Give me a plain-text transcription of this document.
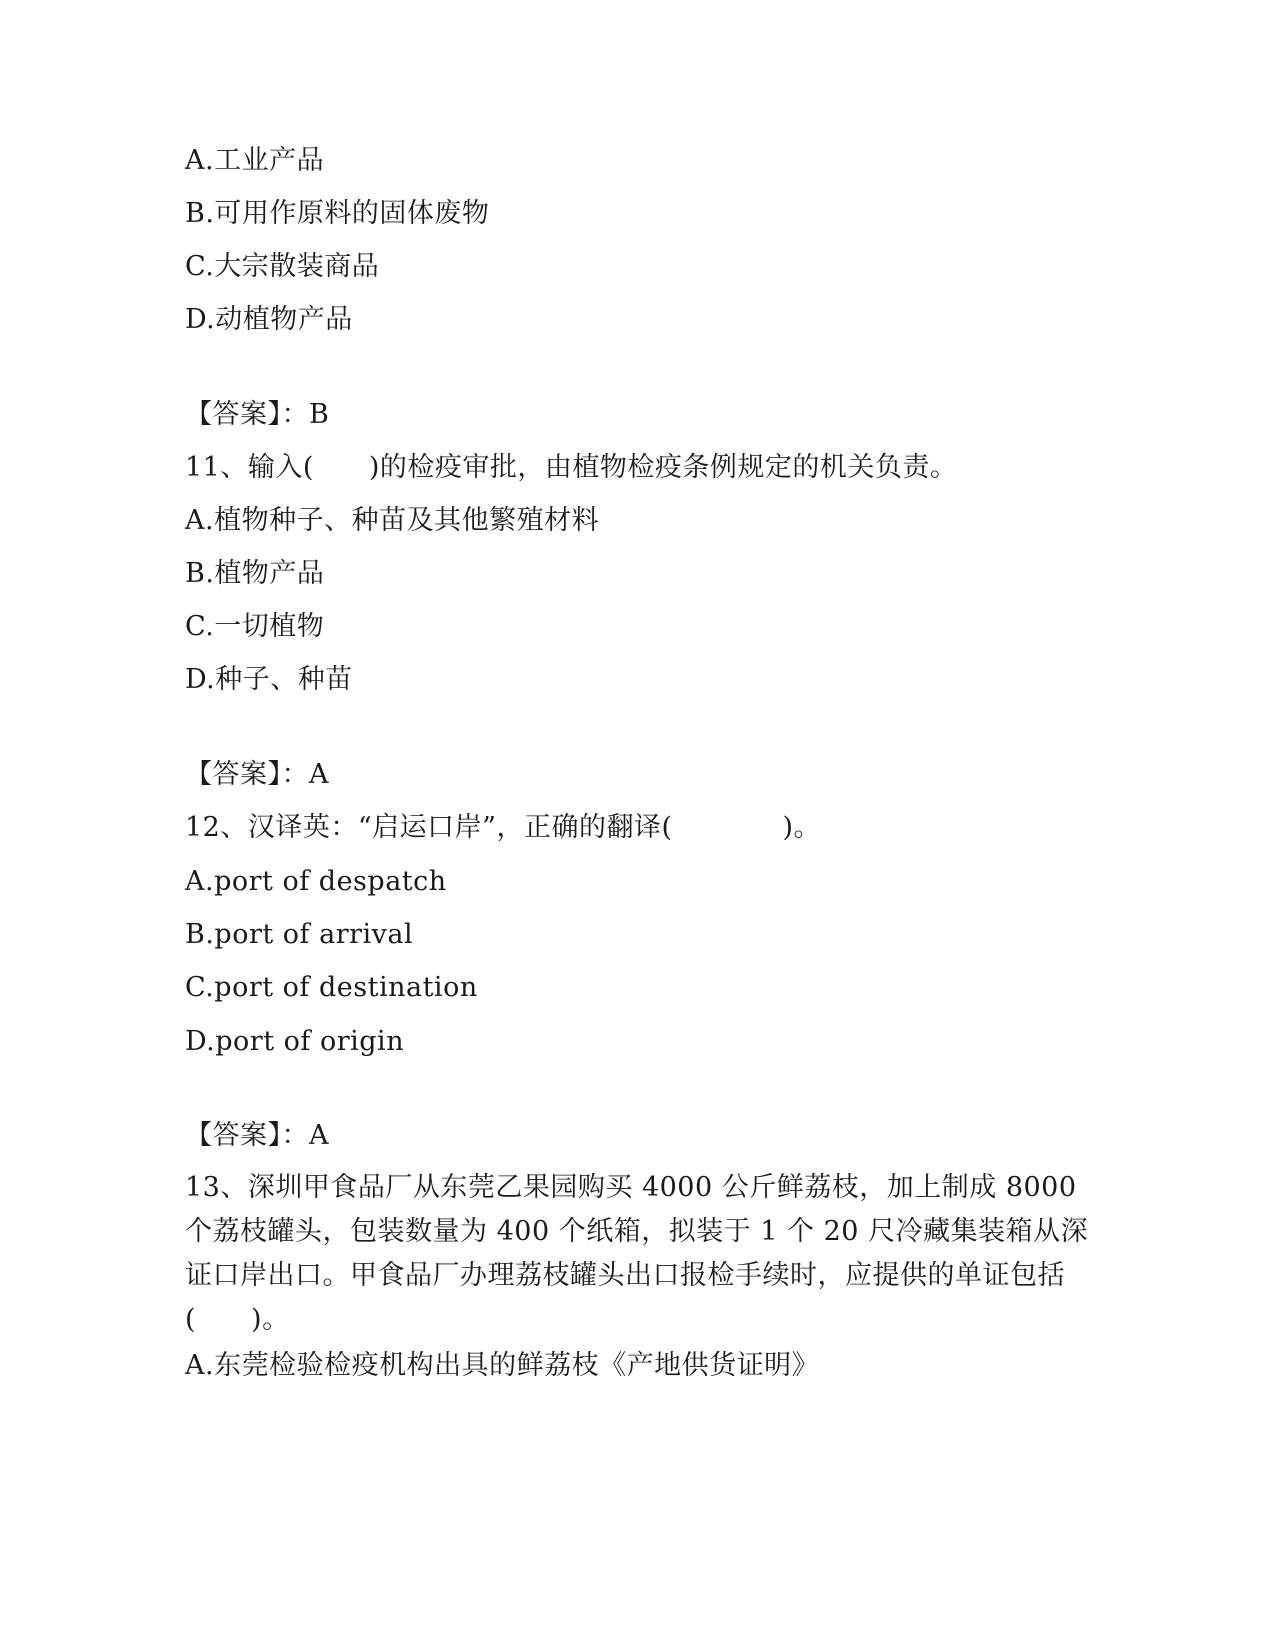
A.工业产品
B.可用作原料的固体废物
C.大宗散装商品
D.动植物产品
【答案】：B
11、输入(　　)的检疫审批，由植物检疫条例规定的机关负责。
A.植物种子、种苗及其他繁殖材料
B.植物产品
C.一切植物
D.种子、种苗
【答案】：A
12、汉译英：“启运口岸”，正确的翻译(　　　　)。
A.port of despatch
B.port of arrival
C.port of destination
D.port of origin
【答案】：A
13、深圳甲食品厂从东莞乙果园购买 4000 公斤鲜荔枝，加上制成 8000 个荔枝罐头，包装数量为 400 个纸箱，拟装于 1 个 20 尺冷藏集装箱从深证口岸出口。甲食品厂办理荔枝罐头出口报检手续时，应提供的单证包括(　　)。
A.东莞检验检疫机构出具的鲜荔枝《产地供货证明》
